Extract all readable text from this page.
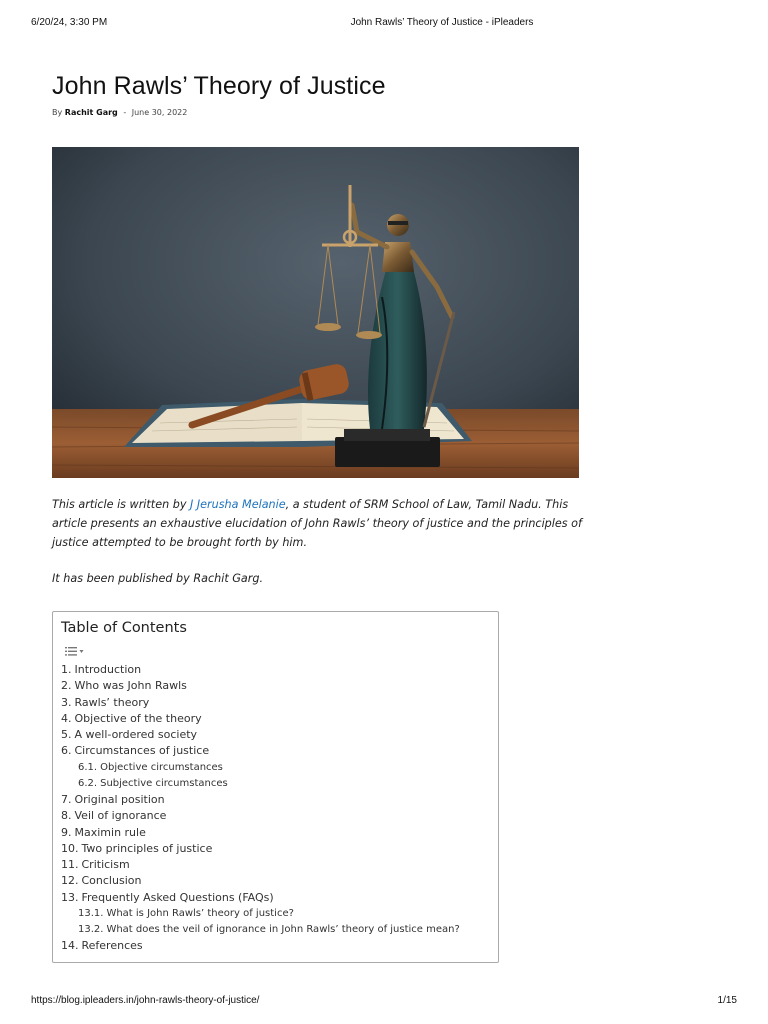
6/20/24, 3:30 PM	John Rawls’ Theory of Justice - iPleaders
John Rawls’ Theory of Justice
By Rachit Garg - June 30, 2022
This article is written by J Jerusha Melanie, a student of SRM School of Law, Tamil Nadu. This article presents an exhaustive elucidation of John Rawls’ theory of justice and the principles of justice attempted to be brought forth by him.
It has been published by Rachit Garg.
Table of Contents
1. Introduction
2. Who was John Rawls
3. Rawls’ theory
4. Objective of the theory
5. A well-ordered society
6. Circumstances of justice
6.1. Objective circumstances
6.2. Subjective circumstances
7. Original position
8. Veil of ignorance
9. Maximin rule
10. Two principles of justice
11. Criticism
12. Conclusion
13. Frequently Asked Questions (FAQs)
13.1. What is John Rawls’ theory of justice?
13.2. What does the veil of ignorance in John Rawls’ theory of justice mean?
14. References
https://blog.ipleaders.in/john-rawls-theory-of-justice/	1/15
